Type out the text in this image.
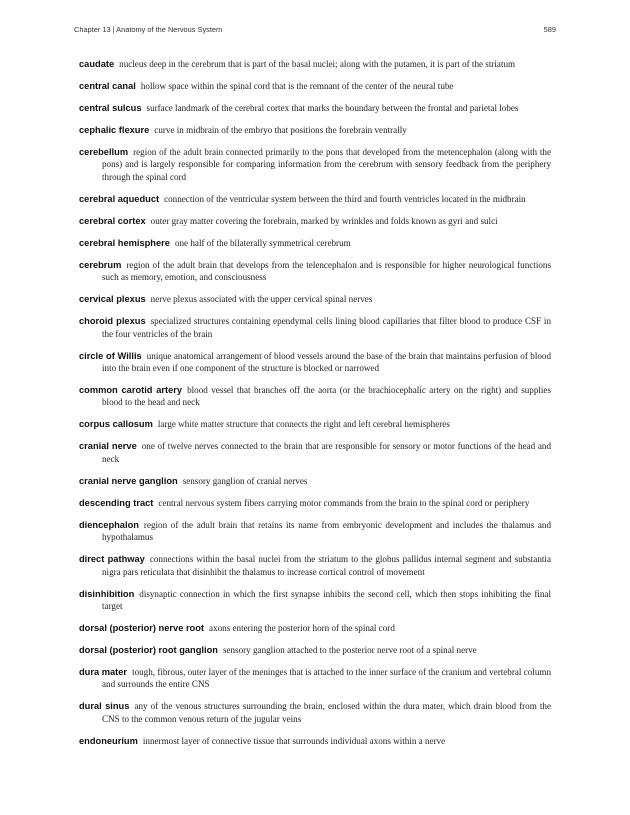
Chapter 13 | Anatomy of the Nervous System	589

caudate nucleus deep in the cerebrum that is part of the basal nuclei; along with the putamen, it is part of the striatum

central canal hollow space within the spinal cord that is the remnant of the center of the neural tube

central sulcus surface landmark of the cerebral cortex that marks the boundary between the frontal and parietal lobes

cephalic flexure curve in midbrain of the embryo that positions the forebrain ventrally

cerebellum region of the adult brain connected primarily to the pons that developed from the metencephalon (along with the pons) and is largely responsible for comparing information from the cerebrum with sensory feedback from the periphery through the spinal cord

cerebral aqueduct connection of the ventricular system between the third and fourth ventricles located in the midbrain

cerebral cortex outer gray matter covering the forebrain, marked by wrinkles and folds known as gyri and sulci

cerebral hemisphere one half of the bilaterally symmetrical cerebrum

cerebrum region of the adult brain that develops from the telencephalon and is responsible for higher neurological functions such as memory, emotion, and consciousness

cervical plexus nerve plexus associated with the upper cervical spinal nerves

choroid plexus specialized structures containing ependymal cells lining blood capillaries that filter blood to produce CSF in the four ventricles of the brain

circle of Willis unique anatomical arrangement of blood vessels around the base of the brain that maintains perfusion of blood into the brain even if one component of the structure is blocked or narrowed

common carotid artery blood vessel that branches off the aorta (or the brachiocephalic artery on the right) and supplies blood to the head and neck

corpus callosum large white matter structure that connects the right and left cerebral hemispheres

cranial nerve one of twelve nerves connected to the brain that are responsible for sensory or motor functions of the head and neck

cranial nerve ganglion sensory ganglion of cranial nerves

descending tract central nervous system fibers carrying motor commands from the brain to the spinal cord or periphery

diencephalon region of the adult brain that retains its name from embryonic development and includes the thalamus and hypothalamus

direct pathway connections within the basal nuclei from the striatum to the globus pallidus internal segment and substantia nigra pars reticulata that disinhibit the thalamus to increase cortical control of movement

disinhibition disynaptic connection in which the first synapse inhibits the second cell, which then stops inhibiting the final target

dorsal (posterior) nerve root axons entering the posterior horn of the spinal cord

dorsal (posterior) root ganglion sensory ganglion attached to the posterior nerve root of a spinal nerve

dura mater tough, fibrous, outer layer of the meninges that is attached to the inner surface of the cranium and vertebral column and surrounds the entire CNS

dural sinus any of the venous structures surrounding the brain, enclosed within the dura mater, which drain blood from the CNS to the common venous return of the jugular veins

endoneurium innermost layer of connective tissue that surrounds individual axons within a nerve
